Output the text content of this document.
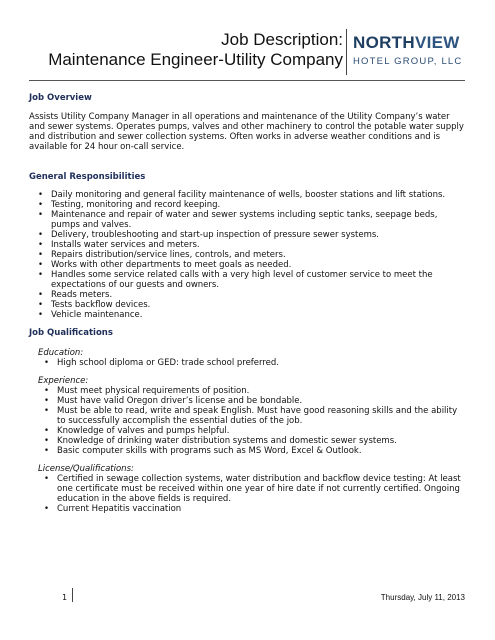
Job Description:
Maintenance Engineer-Utility Company
NORTHVIEW
HOTEL GROUP, LLC
Job Overview

Assists Utility Company Manager in all operations and maintenance of the Utility Company’s water and sewer systems. Operates pumps, valves and other machinery to control the potable water supply and distribution and sewer collection systems. Often works in adverse weather conditions and is available for 24 hour on-call service.

General Responsibilities
• Daily monitoring and general facility maintenance of wells, booster stations and lift stations.
• Testing, monitoring and record keeping.
• Maintenance and repair of water and sewer systems including septic tanks, seepage beds, pumps and valves.
• Delivery, troubleshooting and start-up inspection of pressure sewer systems.
• Installs water services and meters.
• Repairs distribution/service lines, controls, and meters.
• Works with other departments to meet goals as needed.
• Handles some service related calls with a very high level of customer service to meet the expectations of our guests and owners.
• Reads meters.
• Tests backflow devices.
• Vehicle maintenance.
Job Qualifications
Education:
• High school diploma or GED: trade school preferred.
Experience:
• Must meet physical requirements of position.
• Must have valid Oregon driver’s license and be bondable.
• Must be able to read, write and speak English. Must have good reasoning skills and the ability to successfully accomplish the essential duties of the job.
• Knowledge of valves and pumps helpful.
• Knowledge of drinking water distribution systems and domestic sewer systems.
• Basic computer skills with programs such as MS Word, Excel & Outlook.
License/Qualifications:
• Certified in sewage collection systems, water distribution and backflow device testing: At least one certificate must be received within one year of hire date if not currently certified. Ongoing education in the above fields is required.
• Current Hepatitis vaccination
1	Thursday, July 11, 2013
